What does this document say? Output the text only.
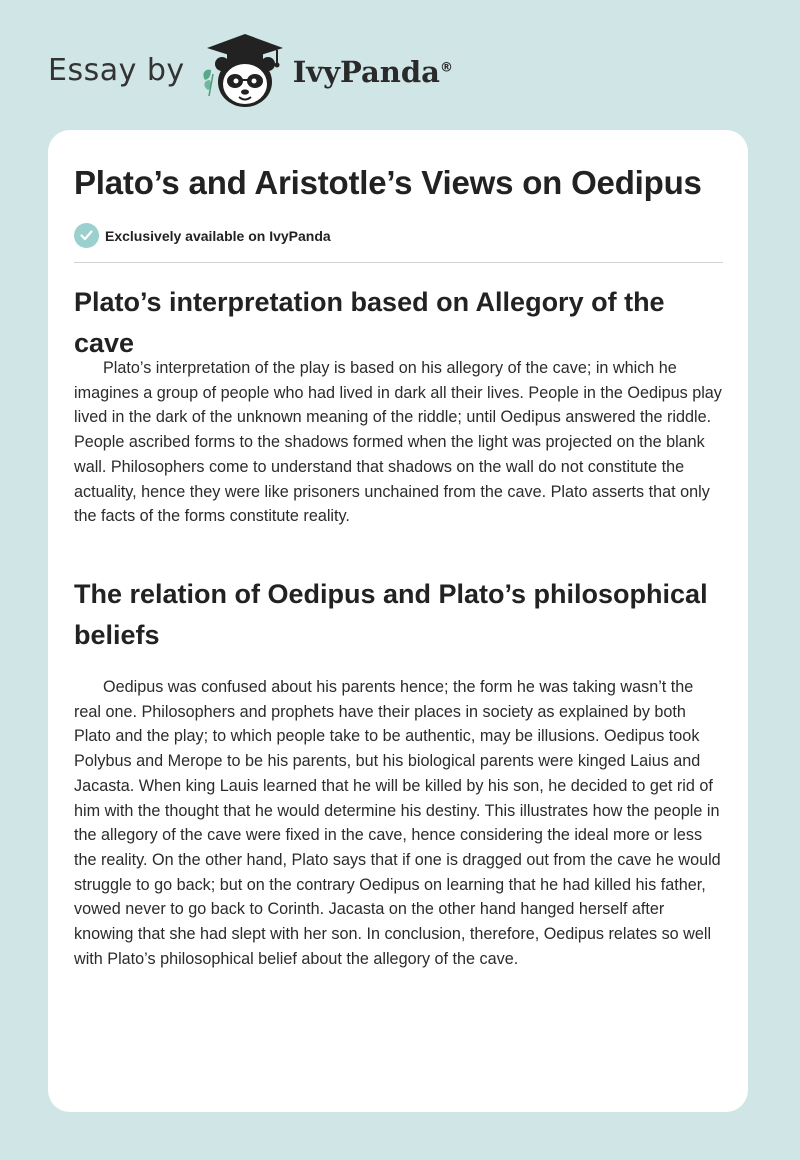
Essay by	IvyPanda®
Plato’s and Aristotle’s Views on Oedipus
Exclusively available on IvyPanda
Plato’s interpretation based on Allegory of the cave

Plato’s interpretation of the play is based on his allegory of the cave; in which he imagines a group of people who had lived in dark all their lives. People in the Oedipus play lived in the dark of the unknown meaning of the riddle; until Oedipus answered the riddle. People ascribed forms to the shadows formed when the light was projected on the blank wall. Philosophers come to understand that shadows on the wall do not constitute the actuality, hence they were like prisoners unchained from the cave. Plato asserts that only the facts of the forms constitute reality.

The relation of Oedipus and Plato’s philosophical beliefs

Oedipus was confused about his parents hence; the form he was taking wasn’t the real one. Philosophers and prophets have their places in society as explained by both Plato and the play; to which people take to be authentic, may be illusions. Oedipus took Polybus and Merope to be his parents, but his biological parents were kinged Laius and Jacasta. When king Lauis learned that he will be killed by his son, he decided to get rid of him with the thought that he would determine his destiny. This illustrates how the people in the allegory of the cave were fixed in the cave, hence considering the ideal more or less the reality. On the other hand, Plato says that if one is dragged out from the cave he would struggle to go back; but on the contrary Oedipus on learning that he had killed his father, vowed never to go back to Corinth. Jacasta on the other hand hanged herself after knowing that she had slept with her son. In conclusion, therefore, Oedipus relates so well with Plato’s philosophical belief about the allegory of the cave.
